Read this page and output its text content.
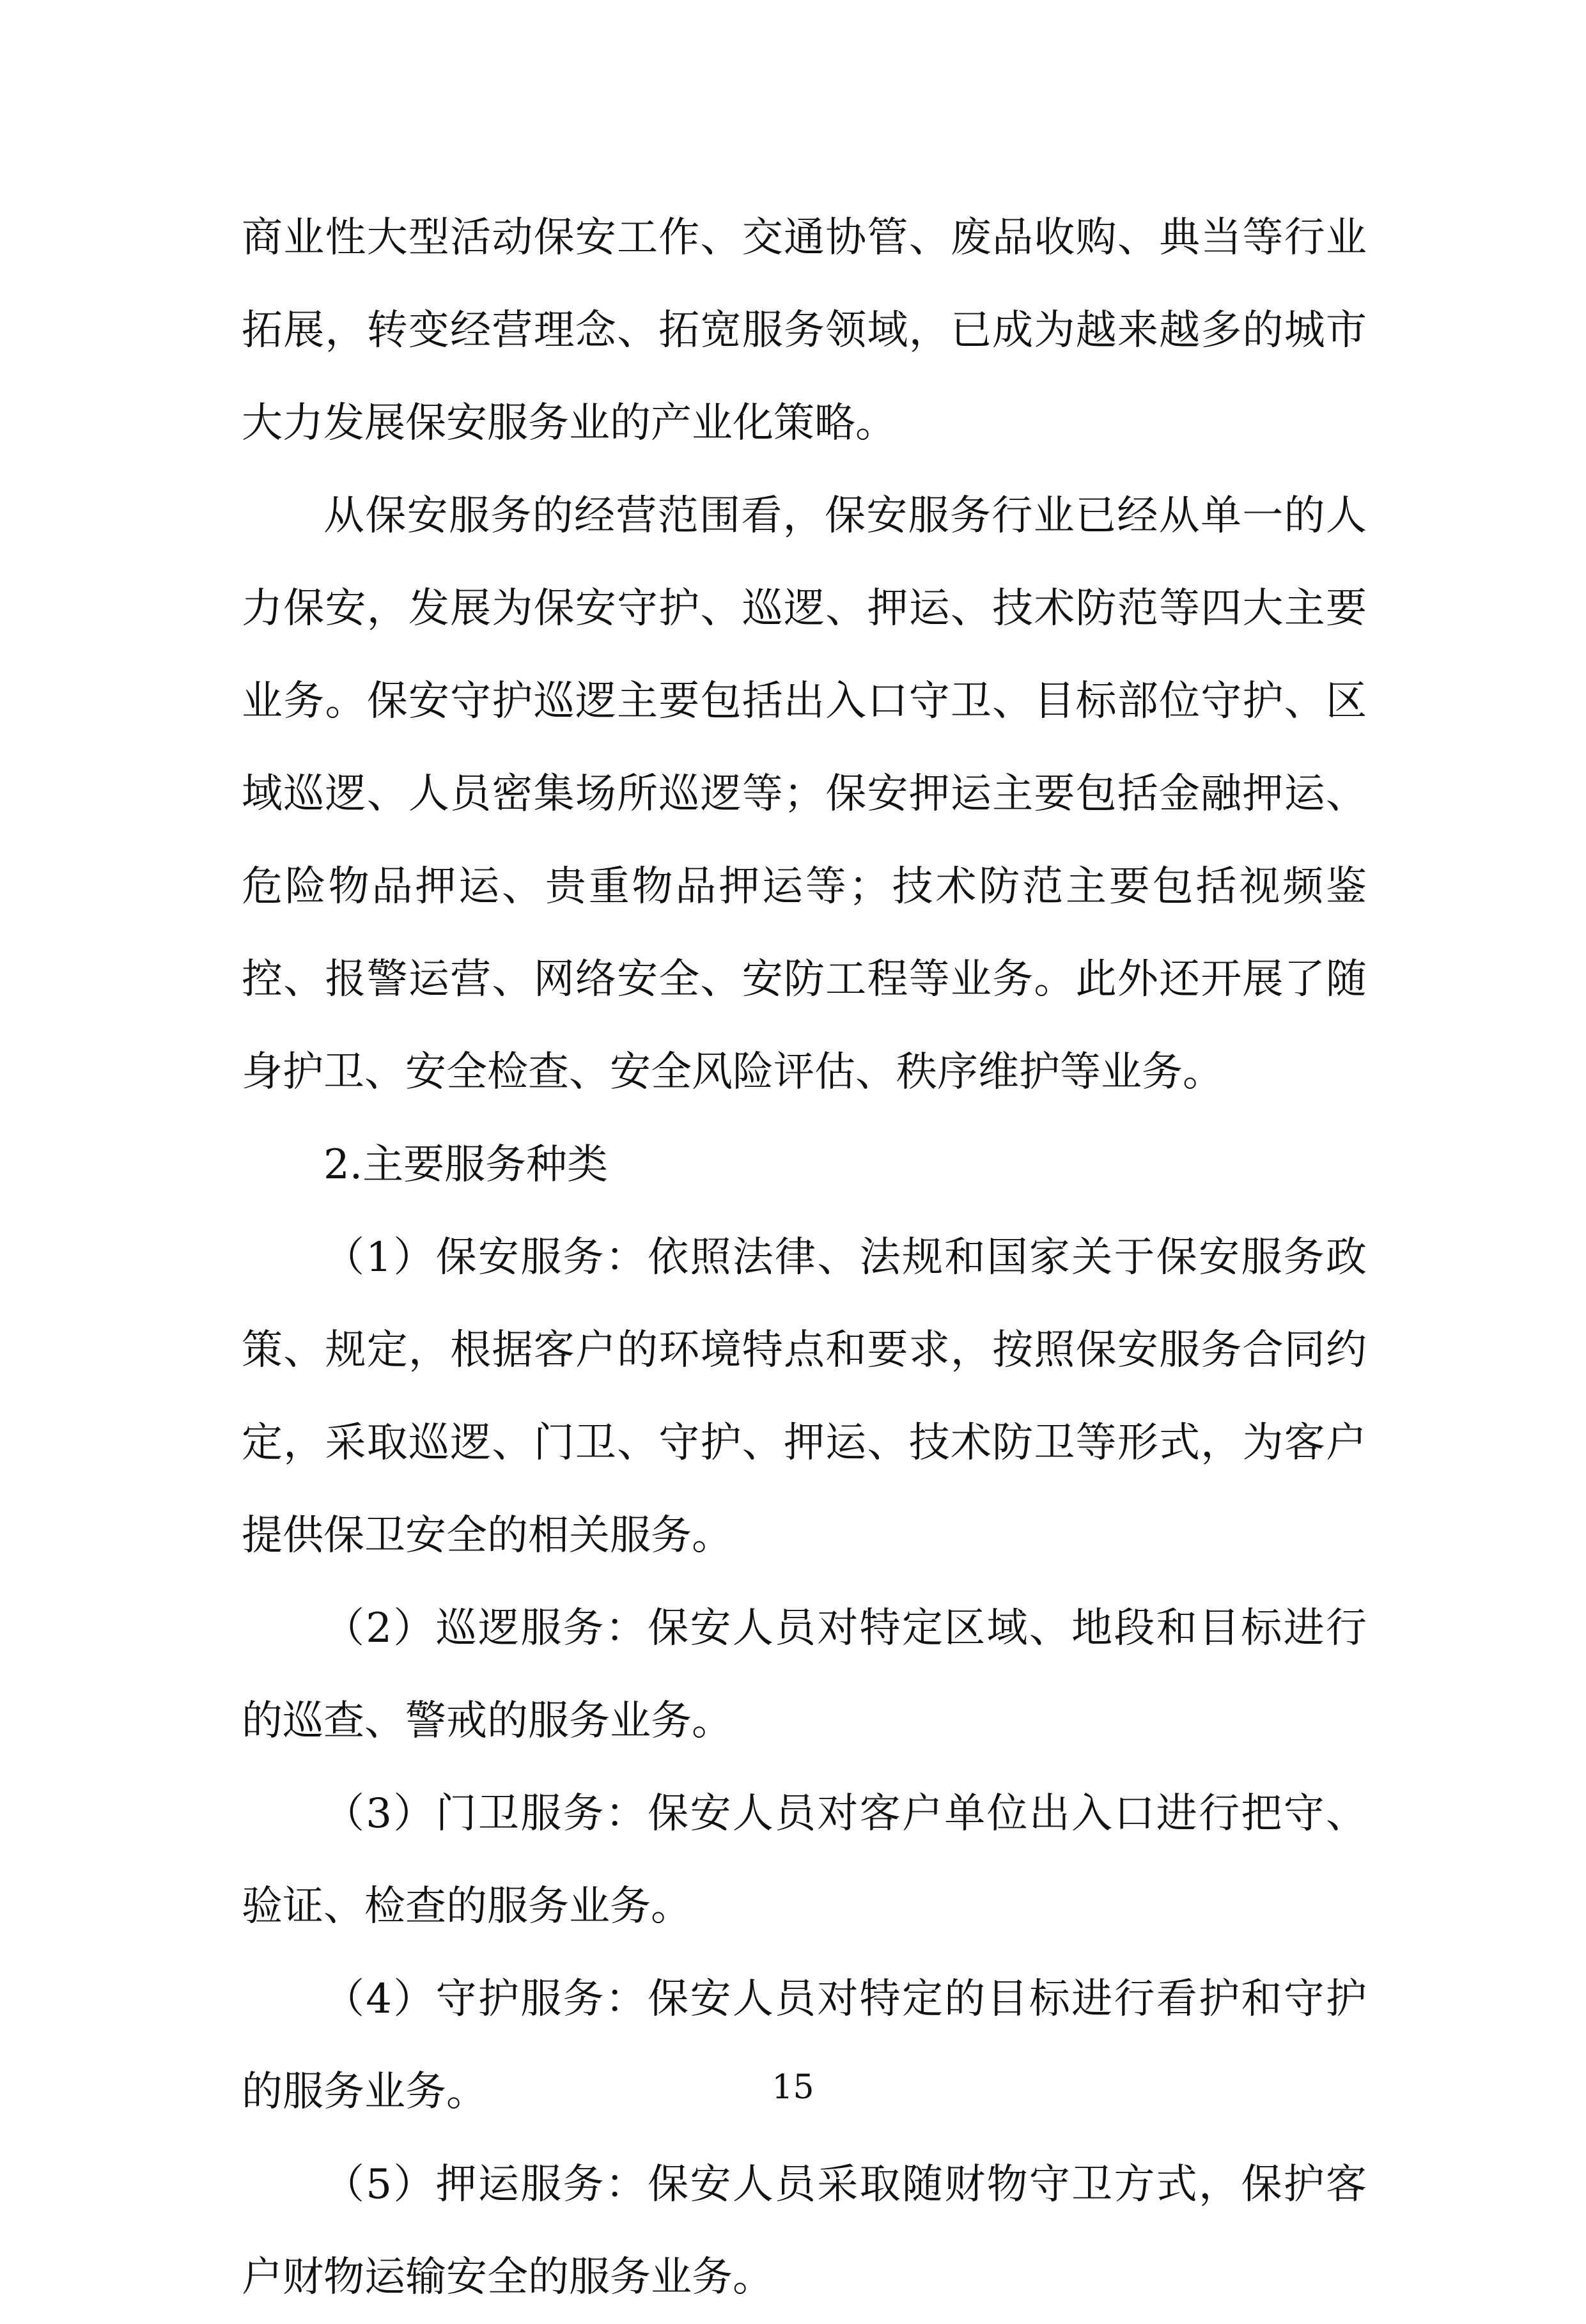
商业性大型活动保安工作、交通协管、废品收购、典当等行业拓展，转变经营理念、拓宽服务领域，已成为越来越多的城市大力发展保安服务业的产业化策略。

从保安服务的经营范围看，保安服务行业已经从单一的人力保安，发展为保安守护、巡逻、押运、技术防范等四大主要业务。保安守护巡逻主要包括出入口守卫、目标部位守护、区域巡逻、人员密集场所巡逻等；保安押运主要包括金融押运、危险物品押运、贵重物品押运等；技术防范主要包括视频鉴控、报警运营、网络安全、安防工程等业务。此外还开展了随身护卫、安全检查、安全风险评估、秩序维护等业务。

2.主要服务种类

（1）保安服务：依照法律、法规和国家关于保安服务政策、规定，根据客户的环境特点和要求，按照保安服务合同约定，采取巡逻、门卫、守护、押运、技术防卫等形式，为客户提供保卫安全的相关服务。

（2）巡逻服务：保安人员对特定区域、地段和目标进行的巡查、警戒的服务业务。

（3）门卫服务：保安人员对客户单位出入口进行把守、验证、检查的服务业务。

（4）守护服务：保安人员对特定的目标进行看护和守护的服务业务。

（5）押运服务：保安人员采取随财物守卫方式，保护客户财物运输安全的服务业务。

15
